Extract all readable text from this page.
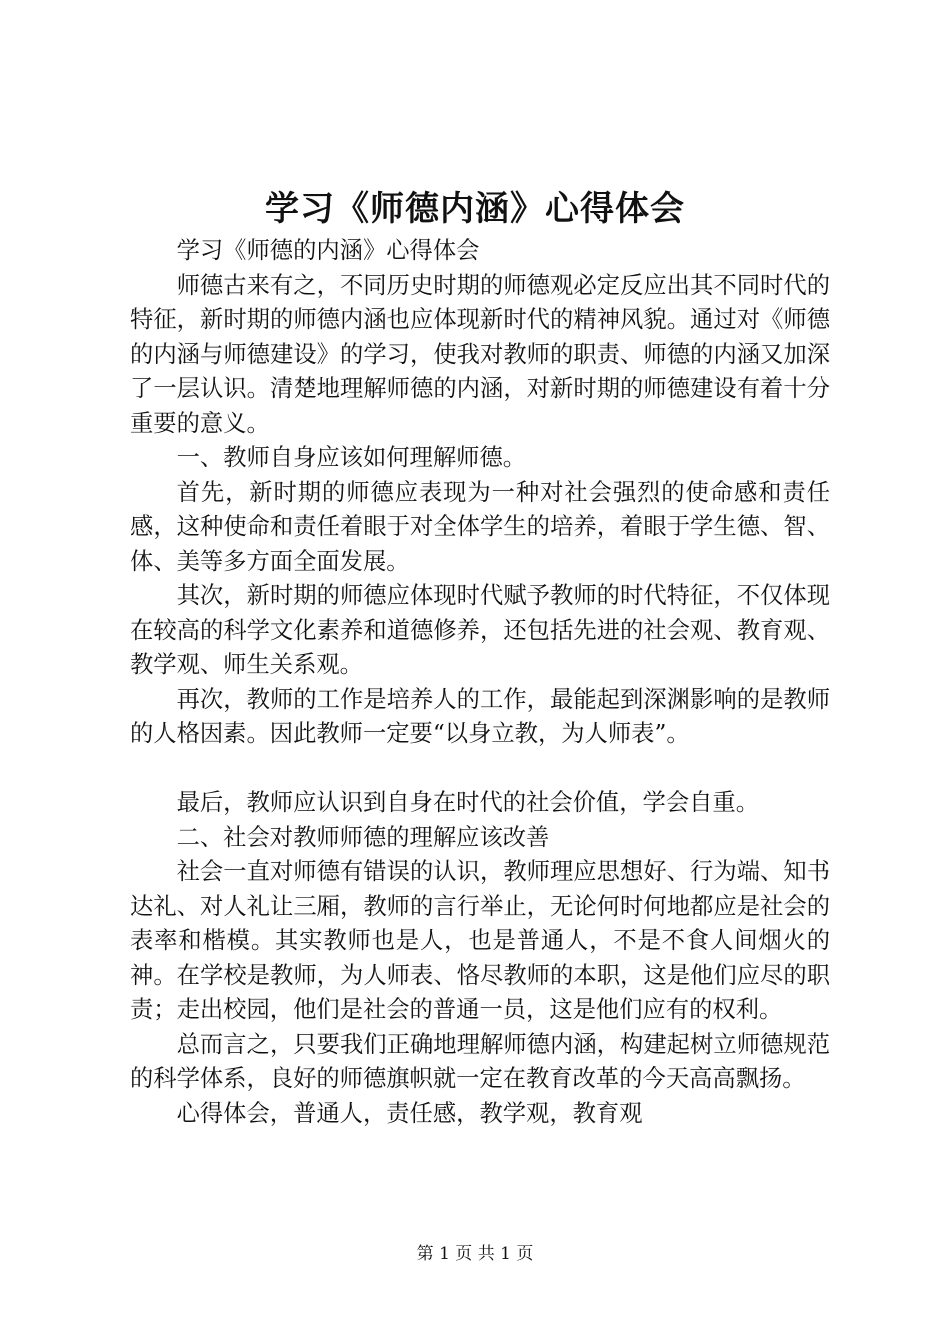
学习《师德内涵》心得体会

学习《师德的内涵》心得体会

师德古来有之，不同历史时期的师德观必定反应出其不同时代的特征，新时期的师德内涵也应体现新时代的精神风貌。通过对《师德的内涵与师德建设》的学习，使我对教师的职责、师德的内涵又加深了一层认识。清楚地理解师德的内涵，对新时期的师德建设有着十分重要的意义。

一、教师自身应该如何理解师德。

首先，新时期的师德应表现为一种对社会强烈的使命感和责任感，这种使命和责任着眼于对全体学生的培养，着眼于学生德、智、体、美等多方面全面发展。

其次，新时期的师德应体现时代赋予教师的时代特征，不仅体现在较高的科学文化素养和道德修养，还包括先进的社会观、教育观、教学观、师生关系观。

再次，教师的工作是培养人的工作，最能起到深渊影响的是教师的人格因素。因此教师一定要“以身立教，为人师表”。

最后，教师应认识到自身在时代的社会价值，学会自重。

二、社会对教师师德的理解应该改善

社会一直对师德有错误的认识，教师理应思想好、行为端、知书达礼、对人礼让三厢，教师的言行举止，无论何时何地都应是社会的表率和楷模。其实教师也是人，也是普通人，不是不食人间烟火的神。在学校是教师，为人师表、恪尽教师的本职，这是他们应尽的职责；走出校园，他们是社会的普通一员，这是他们应有的权利。

总而言之，只要我们正确地理解师德内涵，构建起树立师德规范的科学体系，良好的师德旗帜就一定在教育改革的今天高高飘扬。

心得体会，普通人，责任感，教学观，教育观

第 1 页 共 1 页
